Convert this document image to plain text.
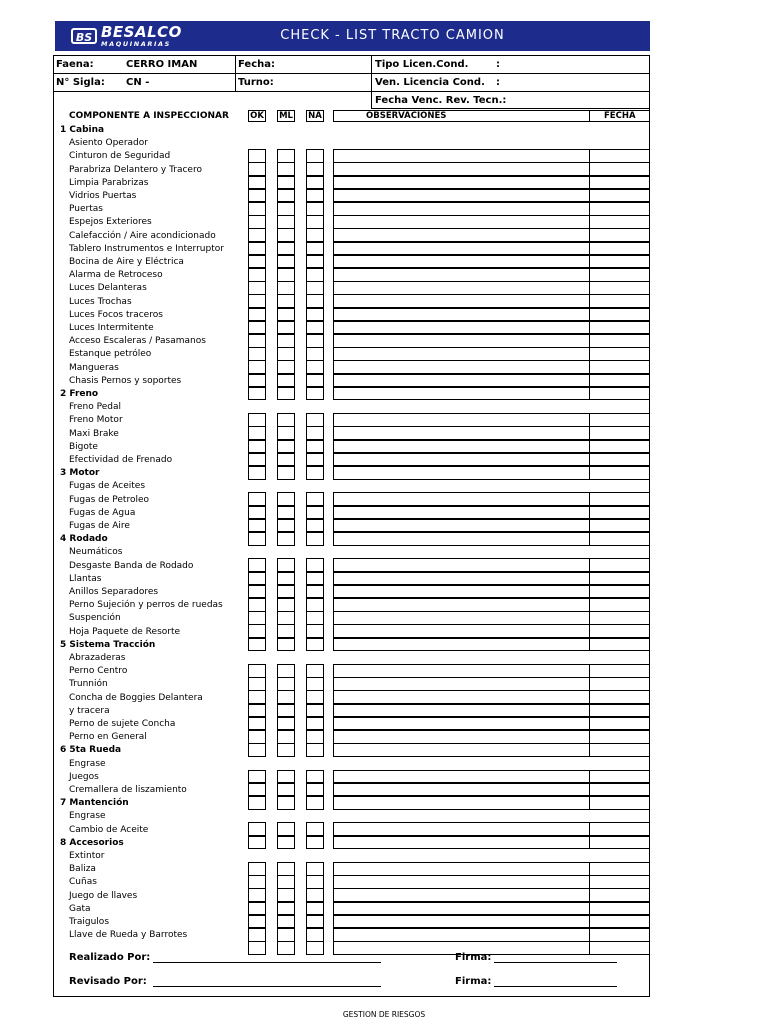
BS BESALCO
MAQUINARIAS
CHECK - LIST TRACTO CAMION
Faena:	CERRO IMAN
N° Sigla: CN -
Fecha:
Turno:
Tipo Licen.Cond.	:
Ven. Licencia Cond. :
Fecha Venc. Rev. Tecn.:
COMPONENTE A INSPECCIONAR OK ML NA	OBSERVACIONES	FECHA
1 Cabina
Asiento Operador
Cinturon de Seguridad
Parabriza Delantero y Tracero
Limpia Parabrizas
Vidrios Puertas
Puertas
Espejos Exteriores
Calefacción / Aire acondicionado
Tablero Instrumentos e Interruptor
Bocina de Aire y Eléctrica
Alarma de Retroceso
Luces Delanteras
Luces Trochas
Luces Focos traceros
Luces Intermitente
Acceso Escaleras / Pasamanos
Estanque petróleo
Mangueras
Chasis Pernos y soportes
2 Freno
Freno Pedal
Freno Motor
Maxi Brake
Bigote
Efectividad de Frenado
3 Motor
Fugas de Aceites
Fugas de Petroleo
Fugas de Agua
Fugas de Aire
4 Rodado
Neumáticos
Desgaste Banda de Rodado
Llantas
Anillos Separadores
Perno Sujeción y perros de ruedas
Suspención
Hoja Paquete de Resorte
5 Sistema Tracción
Abrazaderas
Perno Centro
Trunnión
Concha de Boggies Delantera
y tracera
Perno de sujete Concha
Perno en General
6 5ta Rueda
Engrase
Juegos
Cremallera de liszamiento
7 Mantención
Engrase
Cambio de Aceite
8 Accesorios
Extintor
Baliza
Cuñas
Juego de llaves
Gata
Traigulos
Llave de Rueda y Barrotes
Realizado Por:	Firma:
Revisado Por:	Firma:
GESTION DE RIESGOS
